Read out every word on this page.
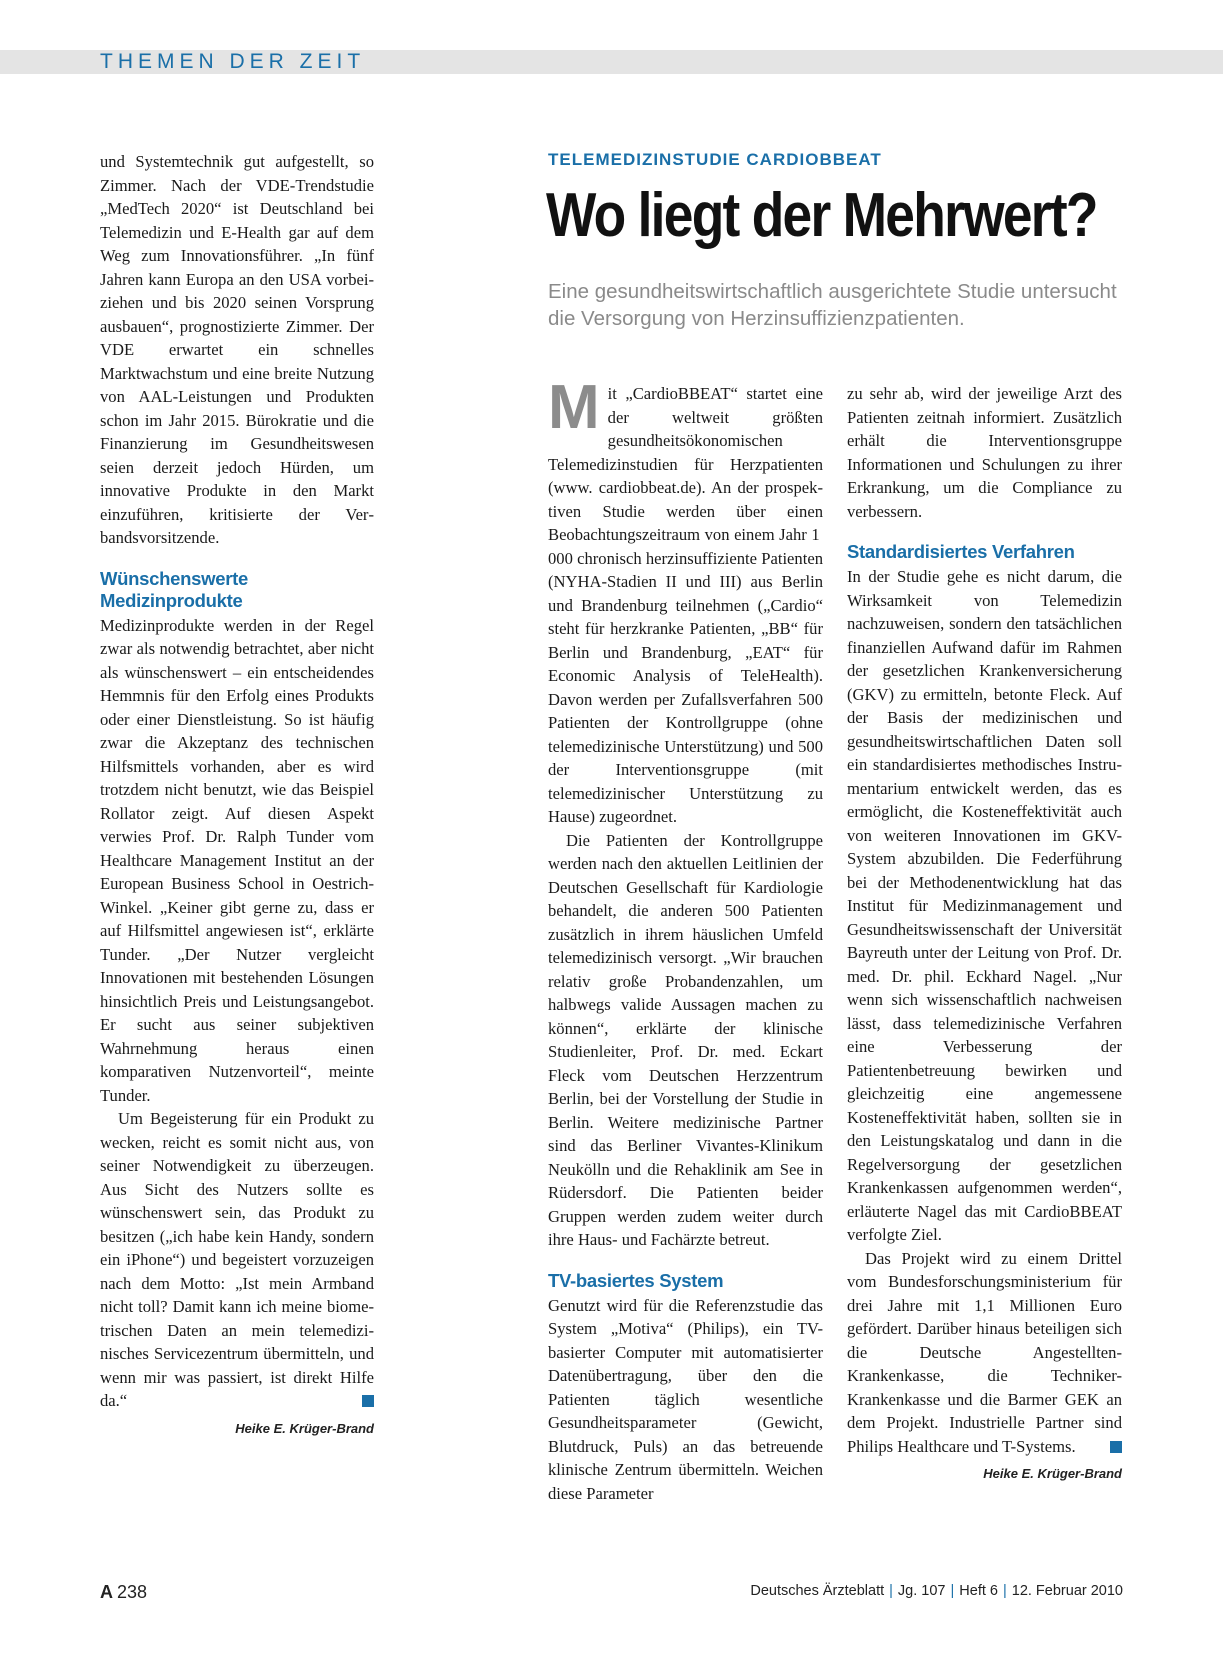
THEMEN DER ZEIT

und Systemtechnik gut aufgestellt, so Zimmer. Nach der VDE-Trendstudie „MedTech 2020“ ist Deutschland bei Telemedizin und E-Health gar auf dem Weg zum Innovationsführer. „In fünf Jahren kann Europa an den USA vorbeiziehen und bis 2020 seinen Vorsprung ausbauen“, prognostizierte Zimmer. Der VDE erwartet ein schnelles Marktwachstum und eine breite Nutzung von AAL-Leistungen und Produkten schon im Jahr 2015. Bürokratie und die Finanzierung im Gesundheitswesen seien derzeit jedoch Hürden, um innovative Produkte in den Markt einzuführen, kritisierte der Verbandsvorsitzende.

Wünschenswerte Medizinprodukte

Medizinprodukte werden in der Regel zwar als notwendig betrachtet, aber nicht als wünschenswert – ein entscheidendes Hemmnis für den Erfolg eines Produkts oder einer Dienstleistung. So ist häufig zwar die Akzeptanz des technischen Hilfsmittels vorhanden, aber es wird trotzdem nicht benutzt, wie das Beispiel Rollator zeigt. Auf diesen Aspekt verwies Prof. Dr. Ralph Tunder vom Healthcare Management Institut an der European Business School in Oestrich-Winkel. „Keiner gibt gerne zu, dass er auf Hilfsmittel angewiesen ist“, erklärte Tunder. „Der Nutzer vergleicht Innovationen mit bestehenden Lösungen hinsichtlich Preis und Leistungsangebot. Er sucht aus seiner subjektiven Wahrnehmung heraus einen komparativen Nutzenvorteil“, meinte Tunder.

Um Begeisterung für ein Produkt zu wecken, reicht es somit nicht aus, von seiner Notwendigkeit zu überzeugen. Aus Sicht des Nutzers sollte es wünschenswert sein, das Produkt zu besitzen („ich habe kein Handy, sondern ein iPhone“) und begeistert vorzuzeigen nach dem Motto: „Ist mein Armband nicht toll? Damit kann ich meine biometrischen Daten an mein telemedizinisches Servicezentrum übermitteln, und wenn mir was passiert, ist direkt Hilfe da.“

Heike E. Krüger-Brand
TELEMEDIZINSTUDIE CARDIOBBEAT
Wo liegt der Mehrwert?
Eine gesundheitswirtschaftlich ausgerichtete Studie untersucht die Versorgung von Herzinsuffizienzpatienten.

Mit „CardioBBEAT“ startet eine der weltweit größten gesundheitsökonomischen Telemedizinstudien für Herzpatienten (www. cardiobbeat.de). An der prospektiven Studie werden über einen Beobachtungszeitraum von einem Jahr 1 000 chronisch herzinsuffiziente Patienten (NYHA-Stadien II und III) aus Berlin und Brandenburg teilnehmen („Cardio“ steht für herzkranke Patienten, „BB“ für Berlin und Brandenburg, „EAT“ für Economic Analysis of TeleHealth). Davon werden per Zufallsverfahren 500 Patienten der Kontrollgruppe (ohne telemedizinische Unterstützung) und 500 der Interventionsgruppe (mit telemedizinischer Unterstützung zu Hause) zugeordnet.

Die Patienten der Kontrollgruppe werden nach den aktuellen Leitlinien der Deutschen Gesellschaft für Kardiologie behandelt, die anderen 500 Patienten zusätzlich in ihrem häuslichen Umfeld telemedizinisch versorgt. „Wir brauchen relativ große Probandenzahlen, um halbwegs valide Aussagen machen zu können“, erklärte der klinische Studienleiter, Prof. Dr. med. Eckart Fleck vom Deutschen Herzzentrum Berlin, bei der Vorstellung der Studie in Berlin. Weitere medizinische Partner sind das Berliner Vivantes-Klinikum Neukölln und die Rehaklinik am See in Rüdersdorf. Die Patienten beider Gruppen werden zudem weiter durch ihre Haus- und Fachärzte betreut.

TV-basiertes System

Genutzt wird für die Referenzstudie das System „Motiva“ (Philips), ein TV-basierter Computer mit automatisierter Datenübertragung, über den die Patienten täglich wesentliche Gesundheitsparameter (Gewicht, Blutdruck, Puls) an das betreuende klinische Zentrum übermitteln. Weichen diese Parameter

zu sehr ab, wird der jeweilige Arzt des Patienten zeitnah informiert. Zusätzlich erhält die Interventionsgruppe Informationen und Schulungen zu ihrer Erkrankung, um die Compliance zu verbessern.

Standardisiertes Verfahren

In der Studie gehe es nicht darum, die Wirksamkeit von Telemedizin nachzuweisen, sondern den tatsächlichen finanziellen Aufwand dafür im Rahmen der gesetzlichen Krankenversicherung (GKV) zu ermitteln, betonte Fleck. Auf der Basis der medizinischen und gesundheitswirtschaftlichen Daten soll ein standardisiertes methodisches Instrumentarium entwickelt werden, das es ermöglicht, die Kosteneffektivität auch von weiteren Innovationen im GKV-System abzubilden. Die Federführung bei der Methodenentwicklung hat das Institut für Medizinmanagement und Gesundheitswissenschaft der Universität Bayreuth unter der Leitung von Prof. Dr. med. Dr. phil. Eckhard Nagel. „Nur wenn sich wissenschaftlich nachweisen lässt, dass telemedizinische Verfahren eine Verbesserung der Patientenbetreuung bewirken und gleichzeitig eine angemessene Kosteneffektivität haben, sollten sie in den Leistungskatalog und dann in die Regelversorgung der gesetzlichen Krankenkassen aufgenommen werden“, erläuterte Nagel das mit CardioBBEAT verfolgte Ziel.

Das Projekt wird zu einem Drittel vom Bundesforschungsministerium für drei Jahre mit 1,1 Millionen Euro gefördert. Darüber hinaus beteiligen sich die Deutsche Angestellten-Krankenkasse, die Techniker-Krankenkasse und die Barmer GEK an dem Projekt. Industrielle Partner sind Philips Healthcare und T-Systems.

Heike E. Krüger-Brand
A 238	Deutsches Ärzteblatt | Jg. 107 | Heft 6 | 12. Februar 2010
